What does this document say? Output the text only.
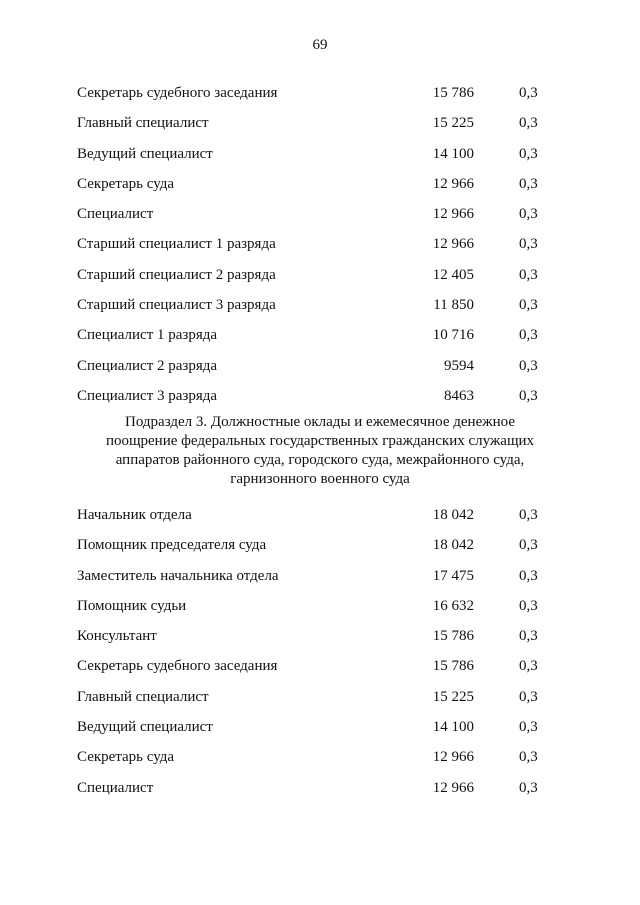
69
Секретарь судебного заседания	15 786	0,3
Главный специалист	15 225	0,3
Ведущий специалист	14 100	0,3
Секретарь суда	12 966	0,3
Специалист	12 966	0,3
Старший специалист 1 разряда	12 966	0,3
Старший специалист 2 разряда	12 405	0,3
Старший специалист 3 разряда	11 850	0,3
Специалист 1 разряда	10 716	0,3
Специалист 2 разряда	9594	0,3
Специалист 3 разряда	8463	0,3
Подраздел 3. Должностные оклады и ежемесячное денежное
поощрение федеральных государственных гражданских служащих
аппаратов районного суда, городского суда, межрайонного суда,
гарнизонного военного суда
Начальник отдела	18 042	0,3
Помощник председателя суда	18 042	0,3
Заместитель начальника отдела	17 475	0,3
Помощник судьи	16 632	0,3
Консультант	15 786	0,3
Секретарь судебного заседания	15 786	0,3
Главный специалист	15 225	0,3
Ведущий специалист	14 100	0,3
Секретарь суда	12 966	0,3
Специалист	12 966	0,3
